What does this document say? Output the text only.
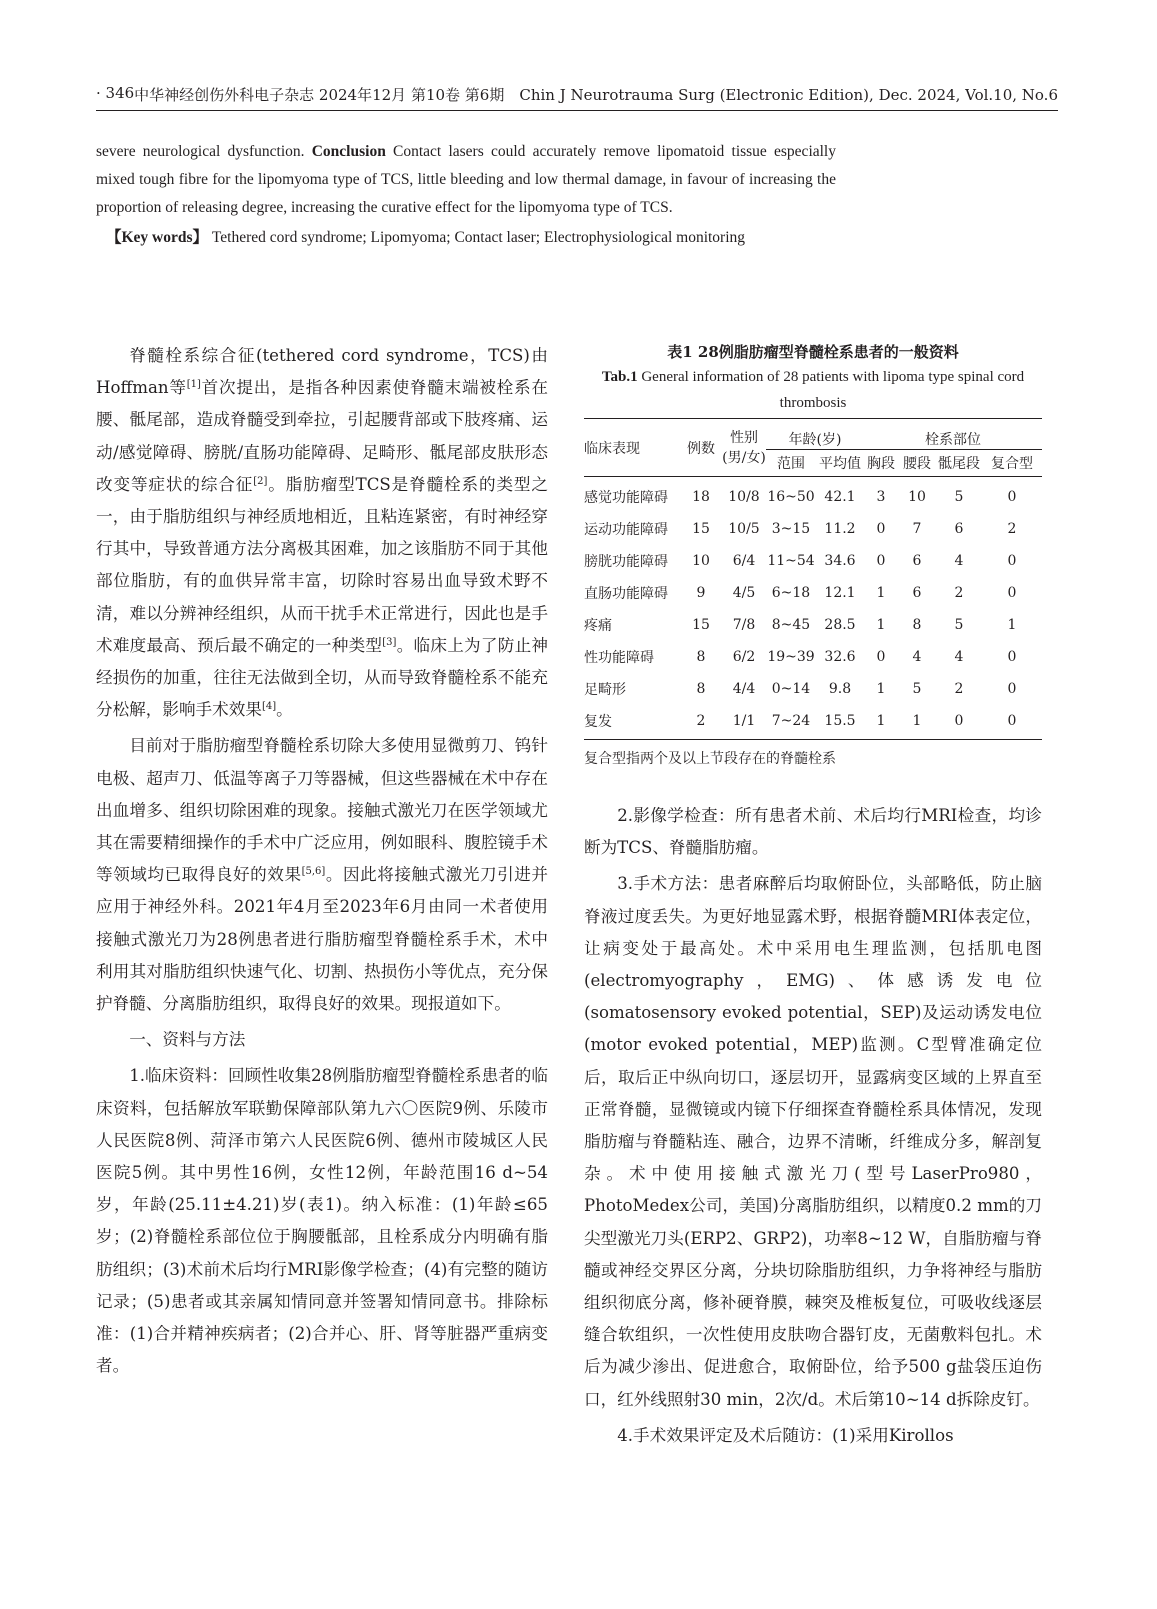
· 346 ·
中华神经创伤外科电子杂志 2024年12月 第10卷 第6期　Chin J Neurotrauma Surg (Electronic Edition), Dec. 2024, Vol.10, No.6

severe neurological dysfunction. Conclusion Contact lasers could accurately remove lipomatoid tissue especially mixed tough fibre for the lipomyoma type of TCS, little bleeding and low thermal damage, in favour of increasing the proportion of releasing degree, increasing the curative effect for the lipomyoma type of TCS.

【Key words】 Tethered cord syndrome; Lipomyoma; Contact laser; Electrophysiological monitoring

脊髓栓系综合征(tethered cord syndrome，TCS)由Hoffman等[1]首次提出，是指各种因素使脊髓末端被栓系在腰、骶尾部，造成脊髓受到牵拉，引起腰背部或下肢疼痛、运动/感觉障碍、膀胱/直肠功能障碍、足畸形、骶尾部皮肤形态改变等症状的综合征[2]。脂肪瘤型TCS是脊髓栓系的类型之一，由于脂肪组织与神经质地相近，且粘连紧密，有时神经穿行其中，导致普通方法分离极其困难，加之该脂肪不同于其他部位脂肪，有的血供异常丰富，切除时容易出血导致术野不清，难以分辨神经组织，从而干扰手术正常进行，因此也是手术难度最高、预后最不确定的一种类型[3]。临床上为了防止神经损伤的加重，往往无法做到全切，从而导致脊髓栓系不能充分松解，影响手术效果[4]。

目前对于脂肪瘤型脊髓栓系切除大多使用显微剪刀、钨针电极、超声刀、低温等离子刀等器械，但这些器械在术中存在出血增多、组织切除困难的现象。接触式激光刀在医学领域尤其在需要精细操作的手术中广泛应用，例如眼科、腹腔镜手术等领域均已取得良好的效果[5,6]。因此将接触式激光刀引进并应用于神经外科。2021年4月至2023年6月由同一术者使用接触式激光刀为28例患者进行脂肪瘤型脊髓栓系手术，术中利用其对脂肪组织快速气化、切割、热损伤小等优点，充分保护脊髓、分离脂肪组织，取得良好的效果。现报道如下。

一、资料与方法

1.临床资料：回顾性收集28例脂肪瘤型脊髓栓系患者的临床资料，包括解放军联勤保障部队第九六〇医院9例、乐陵市人民医院8例、菏泽市第六人民医院6例、德州市陵城区人民医院5例。其中男性16例，女性12例，年龄范围16 d~54岁，年龄(25.11±4.21)岁(表1)。纳入标准：(1)年龄≤65岁；(2)脊髓栓系部位位于胸腰骶部，且栓系成分内明确有脂肪组织；(3)术前术后均行MRI影像学检查；(4)有完整的随访记录；(5)患者或其亲属知情同意并签署知情同意书。排除标准：(1)合并精神疾病者；(2)合并心、肝、肾等脏器严重病变者。

表1 28例脂肪瘤型脊髓栓系患者的一般资料
Tab.1 General information of 28 patients with lipoma type spinal cord thrombosis
临床表现	例数	性别 (男/女)	年龄(岁)		栓系部位			
			范围	平均值	胸段	腰段	骶尾段	复合型
感觉功能障碍	18	10/8	16~50	42.1	3	10	5	0
运动功能障碍	15	10/5	3~15	11.2	0	7	6	2
膀胱功能障碍	10	6/4	11~54	34.6	0	6	4	0
直肠功能障碍	9	4/5	6~18	12.1	1	6	2	0
疼痛	15	7/8	8~45	28.5	1	8	5	1
性功能障碍	8	6/2	19~39	32.6	0	4	4	0
足畸形	8	4/4	0~14	9.8	1	5	2	0
复发	2	1/1	7~24	15.5	1	1	0	0
复合型指两个及以上节段存在的脊髓栓系

2.影像学检查：所有患者术前、术后均行MRI检查，均诊断为TCS、脊髓脂肪瘤。

3.手术方法：患者麻醉后均取俯卧位，头部略低，防止脑脊液过度丢失。为更好地显露术野，根据脊髓MRI体表定位，让病变处于最高处。术中采用电生理监测，包括肌电图(electromyography，EMG)、体感诱发电位(somatosensory evoked potential，SEP)及运动诱发电位(motor evoked potential，MEP)监测。C型臂准确定位后，取后正中纵向切口，逐层切开，显露病变区域的上界直至正常脊髓，显微镜或内镜下仔细探查脊髓栓系具体情况，发现脂肪瘤与脊髓粘连、融合，边界不清晰，纤维成分多，解剖复杂。术中使用接触式激光刀(型号LaserPro980，PhotoMedex公司，美国)分离脂肪组织，以精度0.2 mm的刀尖型激光刀头(ERP2、GRP2)，功率8~12 W，自脂肪瘤与脊髓或神经交界区分离，分块切除脂肪组织，力争将神经与脂肪组织彻底分离，修补硬脊膜，棘突及椎板复位，可吸收线逐层缝合软组织，一次性使用皮肤吻合器钉皮，无菌敷料包扎。术后为减少渗出、促进愈合，取俯卧位，给予500 g盐袋压迫伤口，红外线照射30 min，2次/d。术后第10~14 d拆除皮钉。

4.手术效果评定及术后随访：(1)采用Kirollos
